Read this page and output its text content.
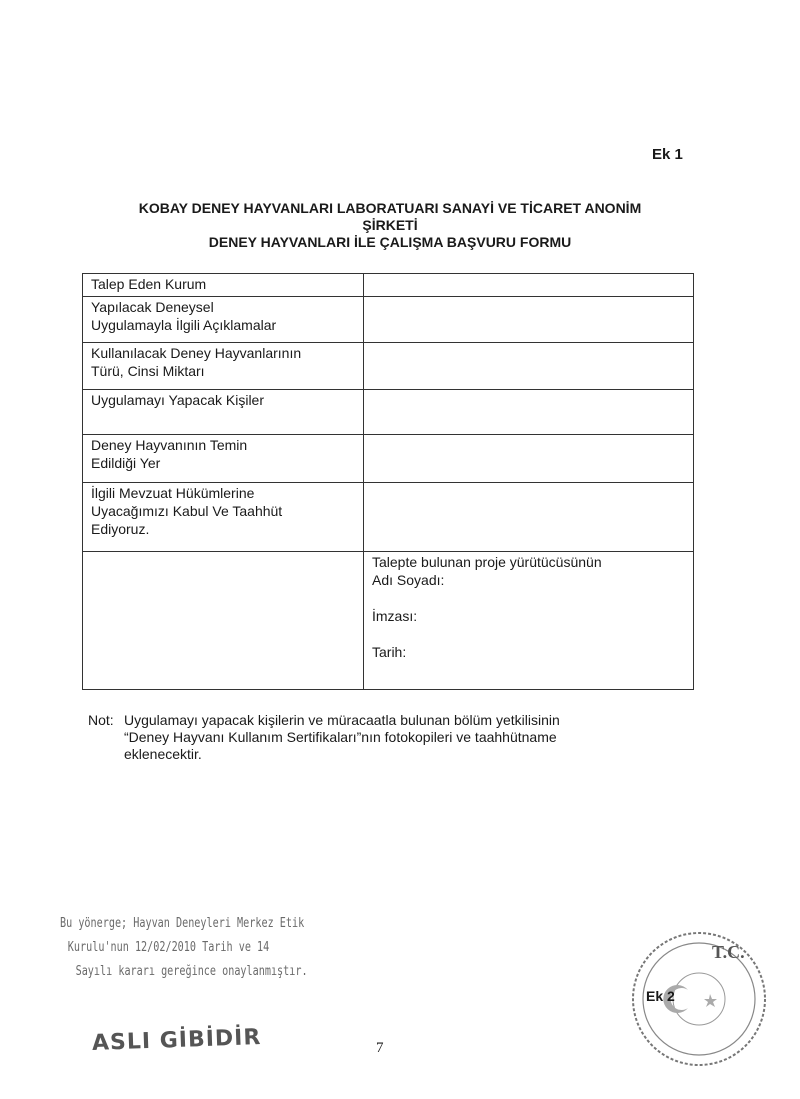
Ek 1
KOBAY DENEY HAYVANLARI LABORATUARI SANAYİ VE TİCARET ANONİM
ŞİRKETİ
DENEY HAYVANLARI İLE ÇALIŞMA BAŞVURU FORMU
Talep Eden Kurum	

Yapılacak Deneysel
Uygulamayla İlgili Açıklamalar	

Kullanılacak Deney Hayvanlarının
Türü, Cinsi Miktarı	

Uygulamayı Yapacak Kişiler	

Deney Hayvanının Temin
Edildiği Yer	

İlgili Mevzuat Hükümlerine
Uyacağımızı Kabul Ve Taahhüt
Ediyoruz.	

	Talepte bulunan proje yürütücüsünün
Adı Soyadı:
İmzası:
Tarih:
Not: Uygulamayı yapacak kişilerin ve müracaatla bulunan bölüm yetkilisinin
“Deney Hayvanı Kullanım Sertifikaları”nın fotokopileri ve taahhütname
eklenecektir.
Bu yönerge; Hayvan Deneyleri Merkez Etik
Kurulu'nun 12/02/2010 Tarih ve 14
Sayılı kararı gereğince onaylanmıştır.
ASLI GİBİDİR	7
T.C.
Ek 2
